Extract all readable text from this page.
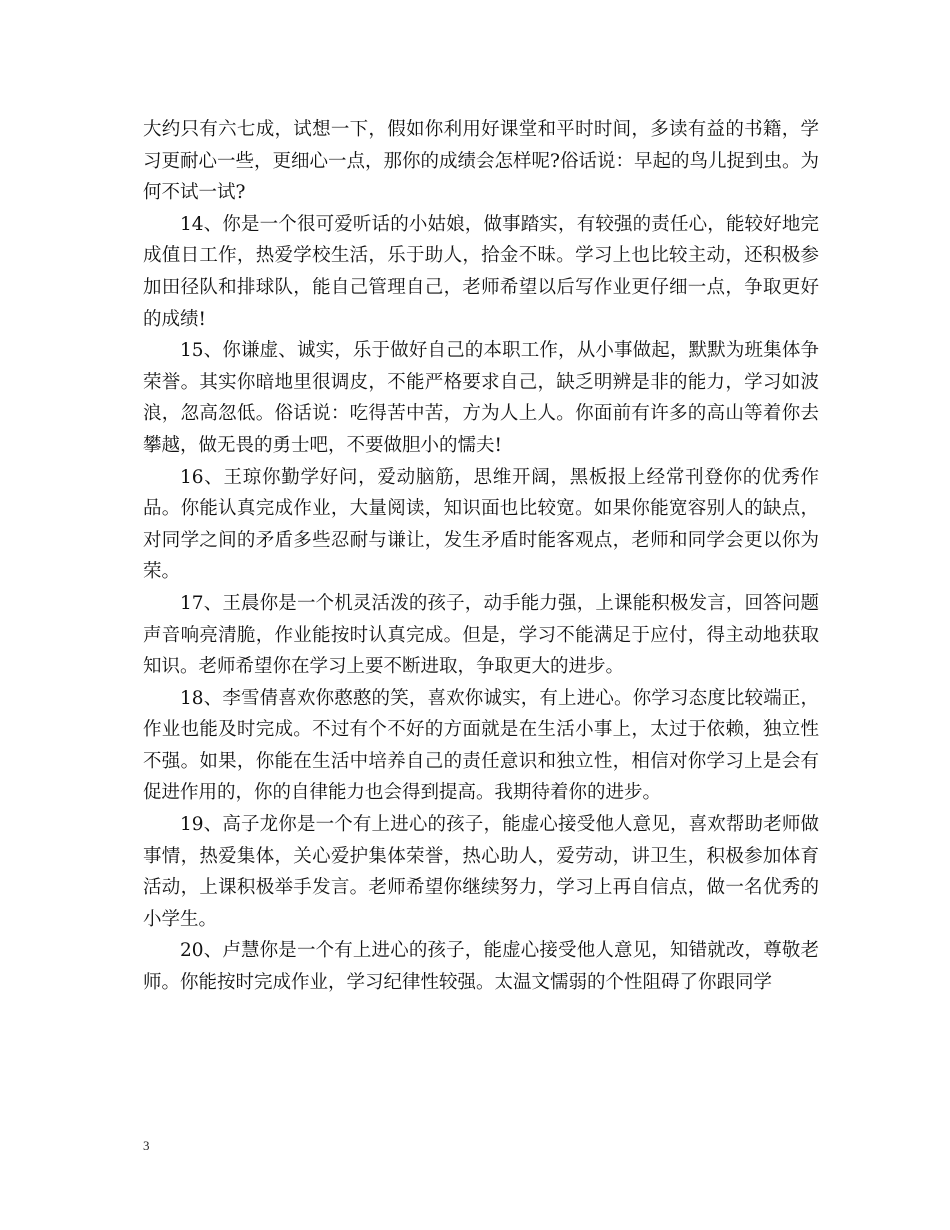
大约只有六七成，试想一下，假如你利用好课堂和平时时间，多读有益的书籍，学习更耐心一些，更细心一点，那你的成绩会怎样呢?俗话说：早起的鸟儿捉到虫。为何不试一试?

14、你是一个很可爱听话的小姑娘，做事踏实，有较强的责任心，能较好地完成值日工作，热爱学校生活，乐于助人，拾金不昧。学习上也比较主动，还积极参加田径队和排球队，能自己管理自己，老师希望以后写作业更仔细一点，争取更好的成绩!

15、你谦虚、诚实，乐于做好自己的本职工作，从小事做起，默默为班集体争荣誉。其实你暗地里很调皮，不能严格要求自己，缺乏明辨是非的能力，学习如波浪，忽高忽低。俗话说：吃得苦中苦，方为人上人。你面前有许多的高山等着你去攀越，做无畏的勇士吧，不要做胆小的懦夫!

16、王琼你勤学好问，爱动脑筋，思维开阔，黑板报上经常刊登你的优秀作品。你能认真完成作业，大量阅读，知识面也比较宽。如果你能宽容别人的缺点，对同学之间的矛盾多些忍耐与谦让，发生矛盾时能客观点，老师和同学会更以你为荣。

17、王晨你是一个机灵活泼的孩子，动手能力强，上课能积极发言，回答问题声音响亮清脆，作业能按时认真完成。但是，学习不能满足于应付，得主动地获取知识。老师希望你在学习上要不断进取，争取更大的进步。

18、李雪倩喜欢你憨憨的笑，喜欢你诚实，有上进心。你学习态度比较端正，作业也能及时完成。不过有个不好的方面就是在生活小事上，太过于依赖，独立性不强。如果，你能在生活中培养自己的责任意识和独立性，相信对你学习上是会有促进作用的，你的自律能力也会得到提高。我期待着你的进步。

19、高子龙你是一个有上进心的孩子，能虚心接受他人意见，喜欢帮助老师做事情，热爱集体，关心爱护集体荣誉，热心助人，爱劳动，讲卫生，积极参加体育活动，上课积极举手发言。老师希望你继续努力，学习上再自信点，做一名优秀的小学生。

20、卢慧你是一个有上进心的孩子，能虚心接受他人意见，知错就改，尊敬老师。你能按时完成作业，学习纪律性较强。太温文懦弱的个性阻碍了你跟同学

3
